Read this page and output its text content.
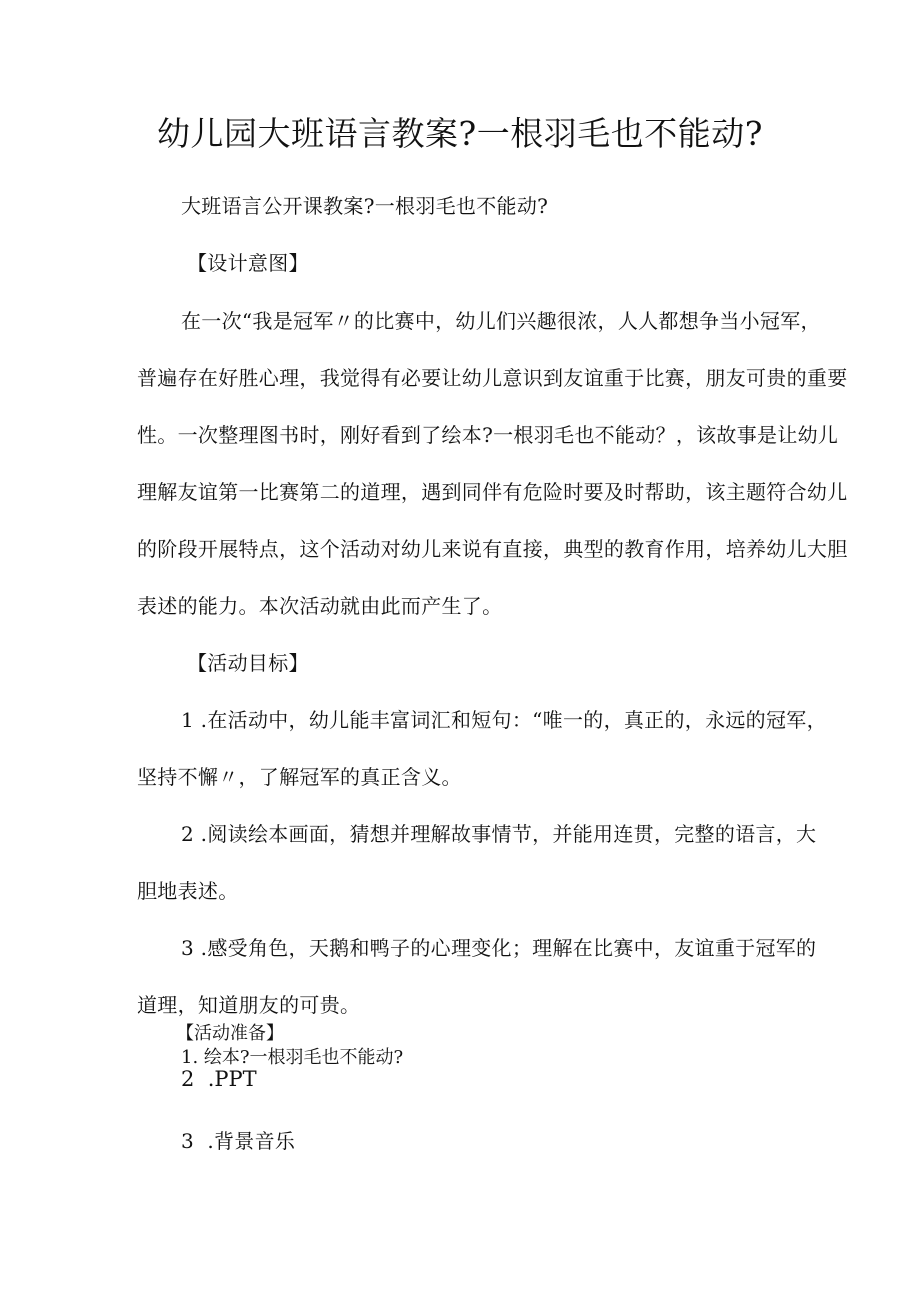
幼儿园大班语言教案?一根羽毛也不能动?

大班语言公开课教案?一根羽毛也不能动?

【设计意图】

在一次“我是冠军〃的比赛中，幼儿们兴趣很浓，人人都想争当小冠军，

普遍存在好胜心理，我觉得有必要让幼儿意识到友谊重于比赛，朋友可贵的重要

性。一次整理图书时，刚好看到了绘本?一根羽毛也不能动？，该故事是让幼儿

理解友谊第一比赛第二的道理，遇到同伴有危险时要及时帮助，该主题符合幼儿

的阶段开展特点，这个活动对幼儿来说有直接，典型的教育作用，培养幼儿大胆

表述的能力。本次活动就由此而产生了。

【活动目标】

1 .在活动中，幼儿能丰富词汇和短句：“唯一的，真正的，永远的冠军，

坚持不懈〃，了解冠军的真正含义。

2 .阅读绘本画面，猜想并理解故事情节，并能用连贯，完整的语言，大

胆地表述。

3 .感受角色，天鹅和鸭子的心理变化；理解在比赛中，友谊重于冠军的

道理，知道朋友的可贵。

【活动准备】

1. 绘本?一根羽毛也不能动?

2  .PPT

3  .背景音乐
